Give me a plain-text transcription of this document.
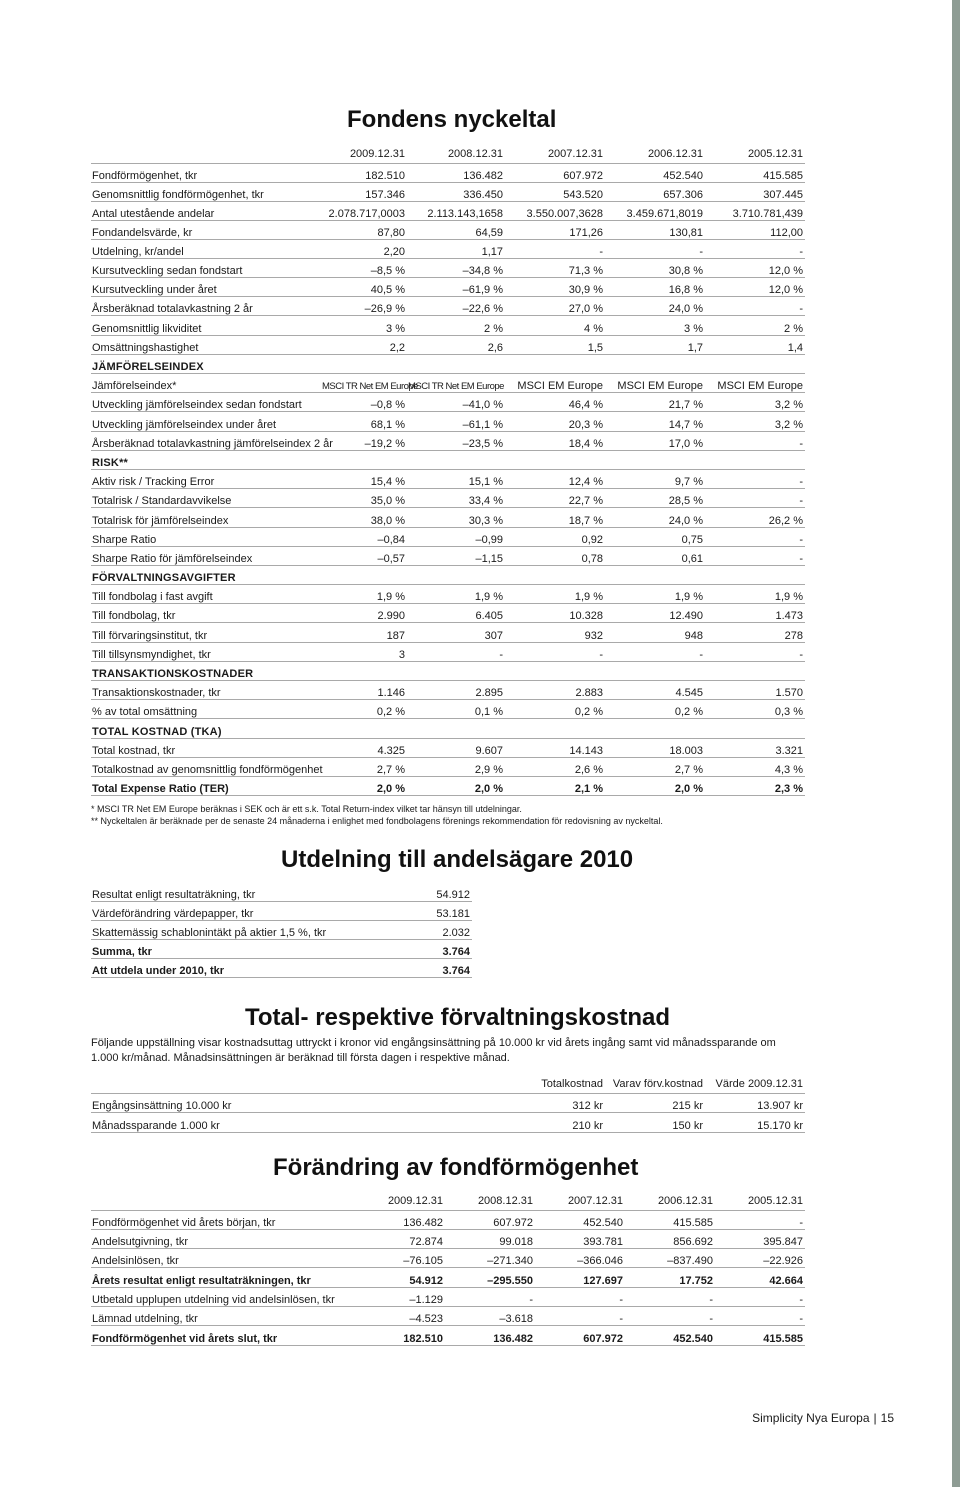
Fondens nyckeltal
	2009.12.31	2008.12.31	2007.12.31	2006.12.31	2005.12.31
Fondförmögenhet, tkr	182.510	136.482	607.972	452.540	415.585
Genomsnittlig fondförmögenhet, tkr	157.346	336.450	543.520	657.306	307.445
Antal utestående andelar	2.078.717,0003	2.113.143,1658	3.550.007,3628	3.459.671,8019	3.710.781,439
Fondandelsvärde, kr	87,80	64,59	171,26	130,81	112,00
Utdelning, kr/andel	2,20	1,17	-	-	-
Kursutveckling sedan fondstart	–8,5 %	–34,8 %	71,3 %	30,8 %	12,0 %
Kursutveckling under året	40,5 %	–61,9 %	30,9 %	16,8 %	12,0 %
Årsberäknad totalavkastning 2 år	–26,9 %	–22,6 %	27,0 %	24,0 %	-
Genomsnittlig likviditet	3 %	2 %	4 %	3 %	2 %
Omsättningshastighet	2,2	2,6	1,5	1,7	1,4
JÄMFÖRELSEINDEX					
Jämförelseindex*	MSCI TR Net EM Europe	MSCI TR Net EM Europe	MSCI EM Europe	MSCI EM Europe	MSCI EM Europe
Utveckling jämförelseindex sedan fondstart	–0,8 %	–41,0 %	46,4 %	21,7 %	3,2 %
Utveckling jämförelseindex under året	68,1 %	–61,1 %	20,3 %	14,7 %	3,2 %
Årsberäknad totalavkastning jämförelseindex 2 år	–19,2 %	–23,5 %	18,4 %	17,0 %	-
RISK**					
Aktiv risk / Tracking Error	15,4 %	15,1 %	12,4 %	9,7 %	-
Totalrisk / Standardavvikelse	35,0 %	33,4 %	22,7 %	28,5 %	-
Totalrisk för jämförelseindex	38,0 %	30,3 %	18,7 %	24,0 %	26,2 %
Sharpe Ratio	–0,84	–0,99	0,92	0,75	-
Sharpe Ratio för jämförelseindex	–0,57	–1,15	0,78	0,61	-
FÖRVALTNINGSAVGIFTER					
Till fondbolag i fast avgift	1,9 %	1,9 %	1,9 %	1,9 %	1,9 %
Till fondbolag, tkr	2.990	6.405	10.328	12.490	1.473
Till förvaringsinstitut, tkr	187	307	932	948	278
Till tillsynsmyndighet, tkr	3	-	-	-	-
TRANSAKTIONSKOSTNADER					
Transaktionskostnader, tkr	1.146	2.895	2.883	4.545	1.570
% av total omsättning	0,2 %	0,1 %	0,2 %	0,2 %	0,3 %
TOTAL KOSTNAD (TKA)					
Total kostnad, tkr	4.325	9.607	14.143	18.003	3.321
Totalkostnad av genomsnittlig fondförmögenhet	2,7 %	2,9 %	2,6 %	2,7 %	4,3 %
Total Expense Ratio (TER)	2,0 %	2,0 %	2,1 %	2,0 %	2,3 %

* MSCI TR Net EM Europe beräknas i SEK och är ett s.k. Total Return-index vilket tar hänsyn till utdelningar.

** Nyckeltalen är beräknade per de senaste 24 månaderna i enlighet med fondbolagens förenings rekommendation för redovisning av nyckeltal.

Utdelning till andelsägare 2010
Resultat enligt resultaträkning, tkr	54.912
Värdeförändring värdepapper, tkr	53.181
Skattemässig schablonintäkt på aktier 1,5 %, tkr	2.032
Summa, tkr	3.764
Att utdela under 2010, tkr	3.764
Total- respektive förvaltningskostnad

Följande uppställning visar kostnadsuttag uttryckt i kronor vid engångsinsättning på 10.000 kr vid årets ingång samt vid månadssparande om 1.000 kr/månad. Månadsinsättningen är beräknad till första dagen i respektive månad.

	Totalkostnad	Varav förv.kostnad	Värde 2009.12.31
Engångsinsättning 10.000 kr	312 kr	215 kr	13.907 kr
Månadssparande 1.000 kr	210 kr	150 kr	15.170 kr
Förändring av fondförmögenhet
	2009.12.31	2008.12.31	2007.12.31	2006.12.31	2005.12.31
Fondförmögenhet vid årets början, tkr	136.482	607.972	452.540	415.585	-
Andelsutgivning, tkr	72.874	99.018	393.781	856.692	395.847
Andelsinlösen, tkr	–76.105	–271.340	–366.046	–837.490	–22.926
Årets resultat enligt resultaträkningen, tkr	54.912	–295.550	127.697	17.752	42.664
Utbetald upplupen utdelning vid andelsinlösen, tkr	–1.129	-	-	-	-
Lämnad utdelning, tkr	–4.523	–3.618	-	-	-
Fondförmögenhet vid årets slut, tkr	182.510	136.482	607.972	452.540	415.585
Simplicity Nya Europa | 15
